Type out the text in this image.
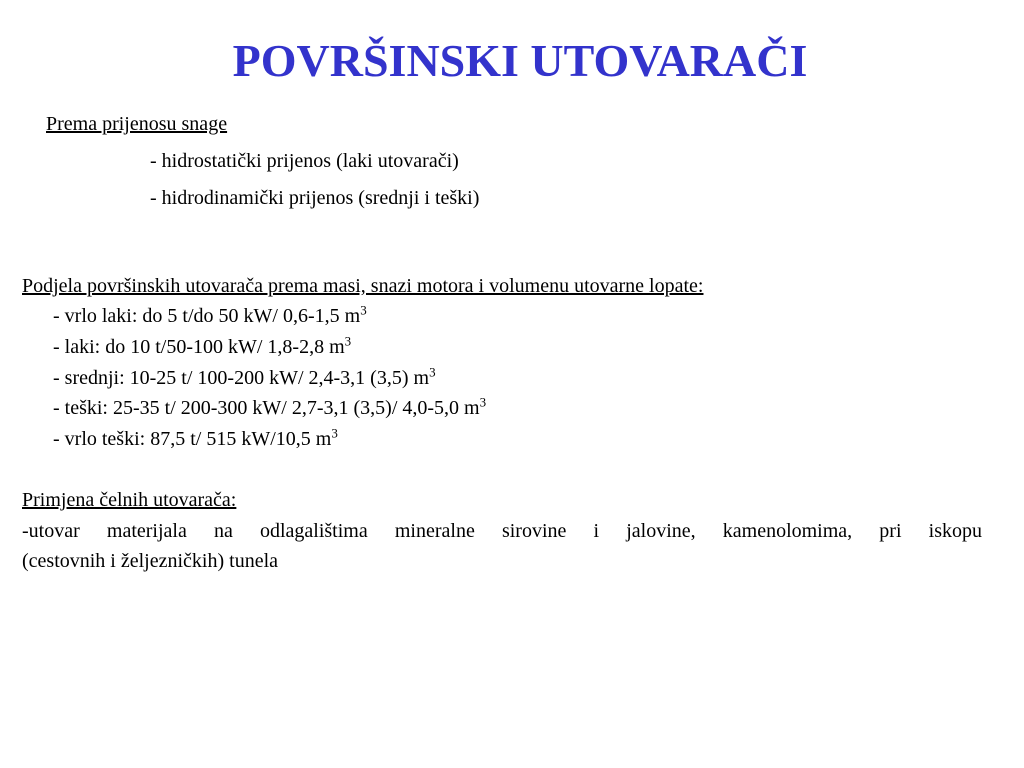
POVRŠINSKI UTOVARAČI
Prema prijenosu snage
- hidrostatički prijenos (laki utovarači)
- hidrodinamički prijenos (srednji i teški)
Podjela površinskih utovarača prema masi, snazi motora i volumenu utovarne lopate:
- vrlo laki: do 5 t/do 50 kW/ 0,6-1,5 $m^3$
- laki: do 10 t/50-100 kW/ 1,8-2,8 $m^3$
- srednji: 10-25 t/ 100-200 kW/ 2,4-3,1 (3,5) $m^3$
- teški: 25-35 t/ 200-300 kW/ 2,7-3,1 (3,5)/ 4,0-5,0 $m^3$
- vrlo teški: 87,5 t/ 515 kW/10,5 $m^3$
Primjena čelnih utovarača:
-utovar materijala na odlagalištima mineralne sirovine i jalovine, kamenolomima, pri iskopu
(cestovnih i željezničkih) tunela
